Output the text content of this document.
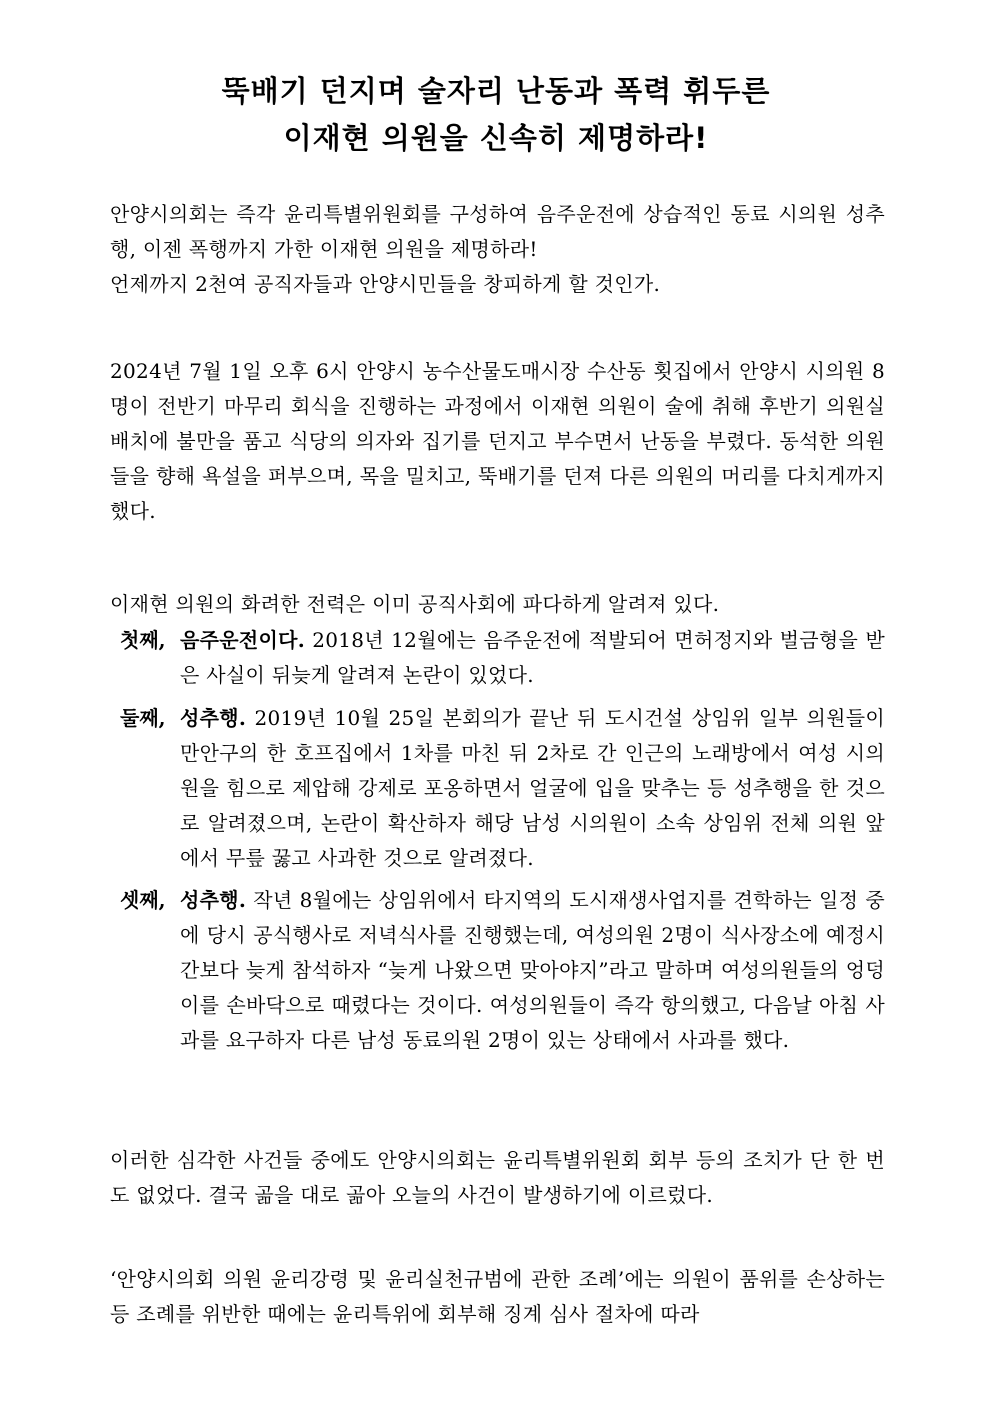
뚝배기 던지며 술자리 난동과 폭력 휘두른
이재현 의원을 신속히 제명하라!
안양시의회는 즉각 윤리특별위원회를 구성하여 음주운전에 상습적인 동료 시의원 성추행, 이젠 폭행까지 가한 이재현 의원을 제명하라!
언제까지 2천여 공직자들과 안양시민들을 창피하게 할 것인가.
2024년 7월 1일 오후 6시 안양시 농수산물도매시장 수산동 횟집에서 안양시 시의원 8명이 전반기 마무리 회식을 진행하는 과정에서 이재현 의원이 술에 취해 후반기 의원실 배치에 불만을 품고 식당의 의자와 집기를 던지고 부수면서 난동을 부렸다. 동석한 의원들을 향해 욕설을 퍼부으며, 목을 밀치고, 뚝배기를 던져 다른 의원의 머리를 다치게까지 했다.
이재현 의원의 화려한 전력은 이미 공직사회에 파다하게 알려져 있다.
첫째, 음주운전이다. 2018년 12월에는 음주운전에 적발되어 면허정지와 벌금형을 받은 사실이 뒤늦게 알려져 논란이 있었다.
둘째, 성추행. 2019년 10월 25일 본회의가 끝난 뒤 도시건설 상임위 일부 의원들이 만안구의 한 호프집에서 1차를 마친 뒤 2차로 간 인근의 노래방에서 여성 시의원을 힘으로 제압해 강제로 포옹하면서 얼굴에 입을 맞추는 등 성추행을 한 것으로 알려졌으며, 논란이 확산하자 해당 남성 시의원이 소속 상임위 전체 의원 앞에서 무릎 꿇고 사과한 것으로 알려졌다.
셋째, 성추행. 작년 8월에는 상임위에서 타지역의 도시재생사업지를 견학하는 일정 중에 당시 공식행사로 저녁식사를 진행했는데, 여성의원 2명이 식사장소에 예정시간보다 늦게 참석하자 “늦게 나왔으면 맞아야지”라고 말하며 여성의원들의 엉덩이를 손바닥으로 때렸다는 것이다. 여성의원들이 즉각 항의했고, 다음날 아침 사과를 요구하자 다른 남성 동료의원 2명이 있는 상태에서 사과를 했다.
이러한 심각한 사건들 중에도 안양시의회는 윤리특별위원회 회부 등의 조치가 단 한 번도 없었다. 결국 곪을 대로 곪아 오늘의 사건이 발생하기에 이르렀다.
‘안양시의회 의원 윤리강령 및 윤리실천규범에 관한 조례’에는 의원이 품위를 손상하는 등 조례를 위반한 때에는 윤리특위에 회부해 징계 심사 절차에 따라
